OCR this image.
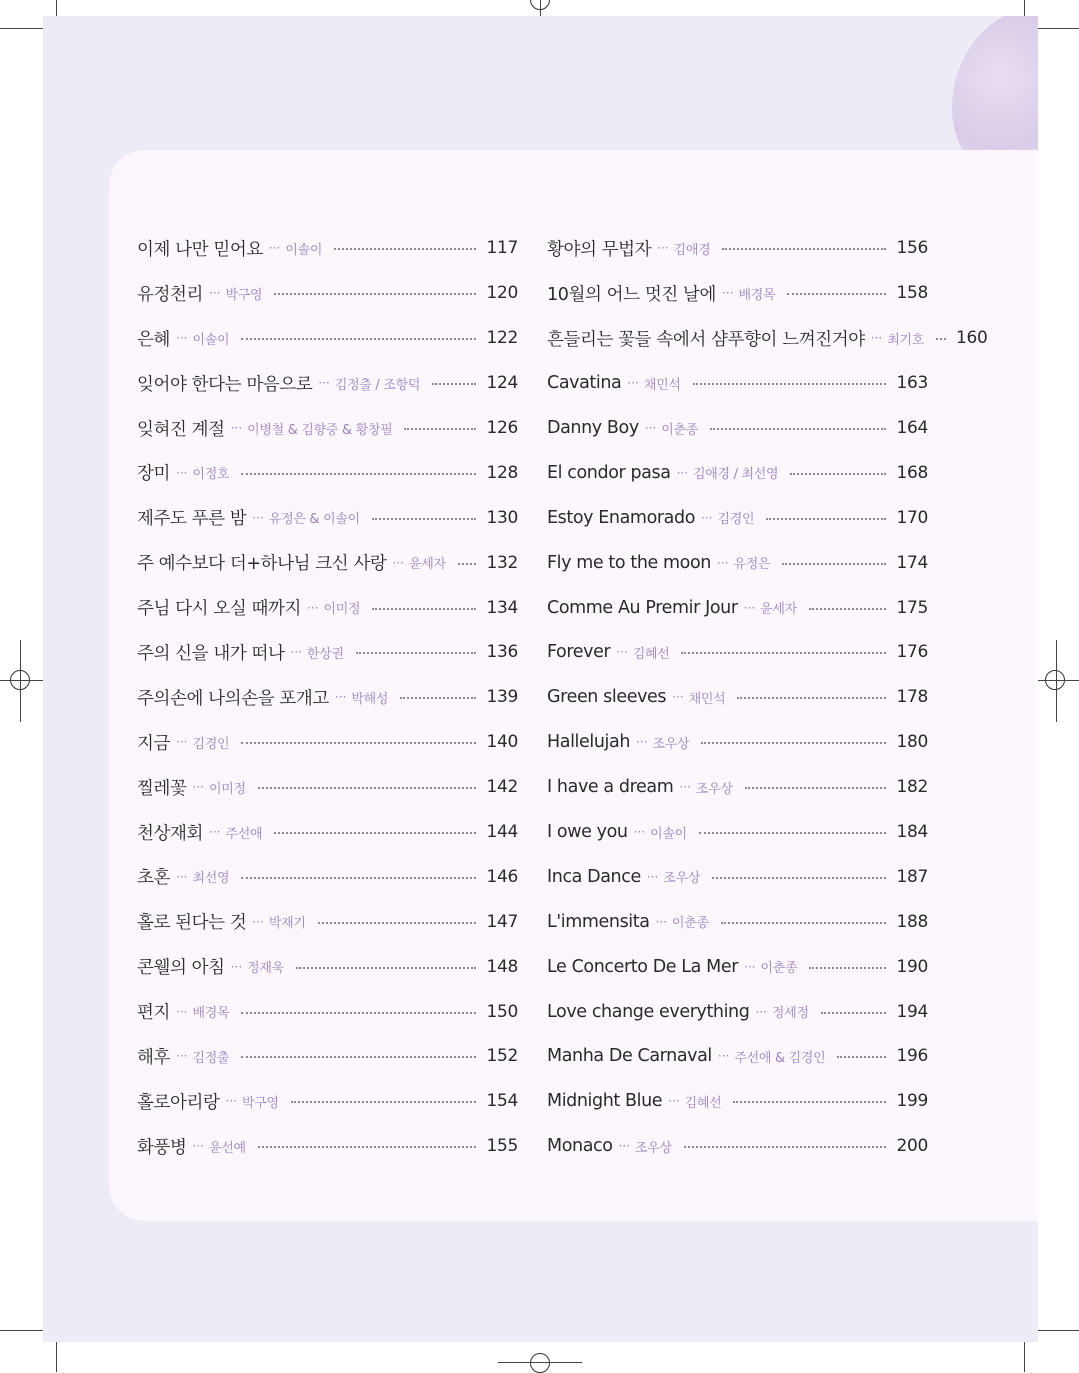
이제 나만 믿어요 ··· 이솔이	117
유정천리 ··· 박구영	120
은혜 ··· 이솔이	122
잊어야 한다는 마음으로 ··· 김정출 / 조항덕	124
잊혀진 계절 ··· 이병철 & 김향중 & 황창필	126
장미 ··· 이정호	128
제주도 푸른 밤 ··· 유정은 & 이솔이	130
주 예수보다 더+하나님 크신 사랑 ··· 윤세자 132
주님 다시 오실 때까지 ··· 이미정	134
주의 신을 내가 떠나 ··· 한상권	136
주의손에 나의손을 포개고 ··· 박해성	139
지금 ··· 김경인	140
찔레꽃 ··· 이미정	142
천상재회 ··· 주선애	144
초혼 ··· 최선영	146
홀로 된다는 것 ··· 박재기	147
콘웰의 아침 ··· 정재욱	148
편지 ··· 배경목	150
해후 ··· 김정출	152
홀로아리랑 ··· 박구영	154
화풍병 ··· 윤선예	155
황야의 무법자 ··· 김애경	156
10월의 어느 멋진 날에 ··· 배경목	158
흔들리는 꽃들 속에서 샴푸향이 느껴진거야 ··· 최기호 160
Cavatina ··· 채민석	163
Danny Boy ··· 이춘종	164
El condor pasa ··· 김애경 / 최선영	168
Estoy Enamorado ··· 김경인	170
Fly me to the moon ··· 유정은	174
Comme Au Premir Jour ··· 윤세자	175
Forever ··· 김혜선	176
Green sleeves ··· 채민석	178
Hallelujah ··· 조우상	180
I have a dream ··· 조우상	182
I owe you ··· 이솔이	184
Inca Dance ··· 조우상	187
L'immensita ··· 이춘종	188
Le Concerto De La Mer ··· 이춘종	190
Love change everything ··· 정세정	194
Manha De Carnaval ··· 주선애 & 김경인	196
Midnight Blue ··· 김혜선	199
Monaco ··· 조우상	200
